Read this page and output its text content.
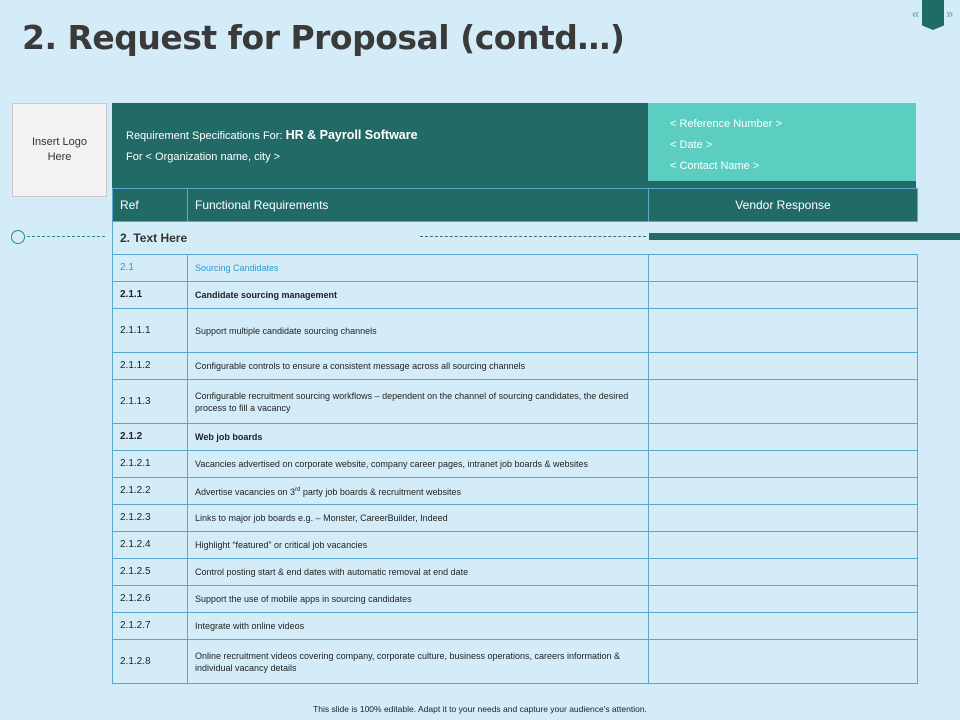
2. Request for Proposal (contd…)
« »
Insert Logo Here
Requirement Specifications For: HR & Payroll Software
For < Organization name, city >
< Reference Number >
< Date >
< Contact Name >
Ref	Functional Requirements	Vendor Response
2. Text Here		
2.1	Sourcing Candidates	
2.1.1	Candidate sourcing management	
2.1.1.1	Support multiple candidate sourcing channels	
2.1.1.2	Configurable controls to ensure a consistent message across all sourcing channels	
2.1.1.3	Configurable recruitment sourcing workflows – dependent on the channel of sourcing candidates, the desired process to fill a vacancy	
2.1.2	Web job boards	
2.1.2.1	Vacancies advertised on corporate website, company career pages, intranet job boards & websites	
2.1.2.2	Advertise vacancies on 3rd party job boards & recruitment websites	
2.1.2.3	Links to major job boards e.g. – Monster, CareerBuilder, Indeed	
2.1.2.4	Highlight “featured” or critical job vacancies	
2.1.2.5	Control posting start & end dates with automatic removal at end date	
2.1.2.6	Support the use of mobile apps in sourcing candidates	
2.1.2.7	Integrate with online videos	
2.1.2.8	Online recruitment videos covering company, corporate culture, business operations, careers information & individual vacancy details	
This slide is 100% editable. Adapt it to your needs and capture your audience's attention.
